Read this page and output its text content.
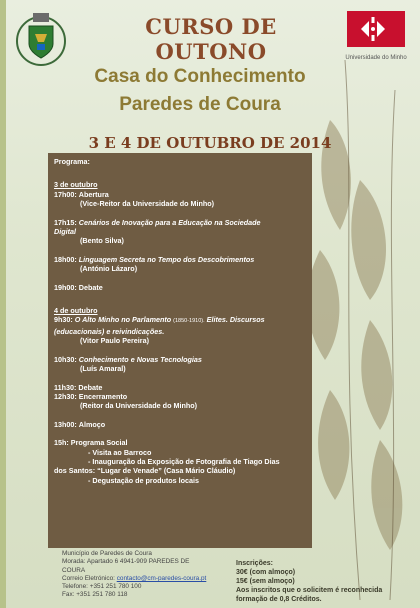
CURSO DE OUTONO	Universidade do Minho
Casa do Conhecimento
Paredes de Coura
3 E 4 DE OUTUBRO DE 2014
Programa:
3 de outubro
17h00: Abertura
(Vice-Reitor da Universidade do Minho)
17h15: Cenários de Inovação para a Educação na Sociedade
Digital
(Bento Silva)
18h00: Linguagem Secreta no Tempo dos Descobrimentos
(António Lázaro)
19h00: Debate
4 de outubro
9h30: O Alto Minho no Parlamento (1850-1910). Elites. Discursos
(educacionais) e reivindicações.
(Vitor Paulo Pereira)
10h30: Conhecimento e Novas Tecnologias
(Luís Amaral)
11h30: Debate
12h30: Encerramento
(Reitor da Universidade do Minho)
13h00: Almoço
15h: Programa Social
- Visita ao Barroco
- Inauguração da Exposição de Fotografia de Tiago Dias
dos Santos: “Lugar de Venade” (Casa Mário Cláudio)
- Degustação de produtos locais
Município de Paredes de Coura
Morada: Apartado 6 4941-909 PAREDES DE
COURA
Correio Eletrónico: contacto@cm-paredes-coura.pt
Telefone: +351 251 780 100
Fax: +351 251 780 118
Inscrições:
30€ (com almoço)
15€ (sem almoço)
Aos inscritos que o solicitem é reconhecida
formação de 0,8 Créditos.
